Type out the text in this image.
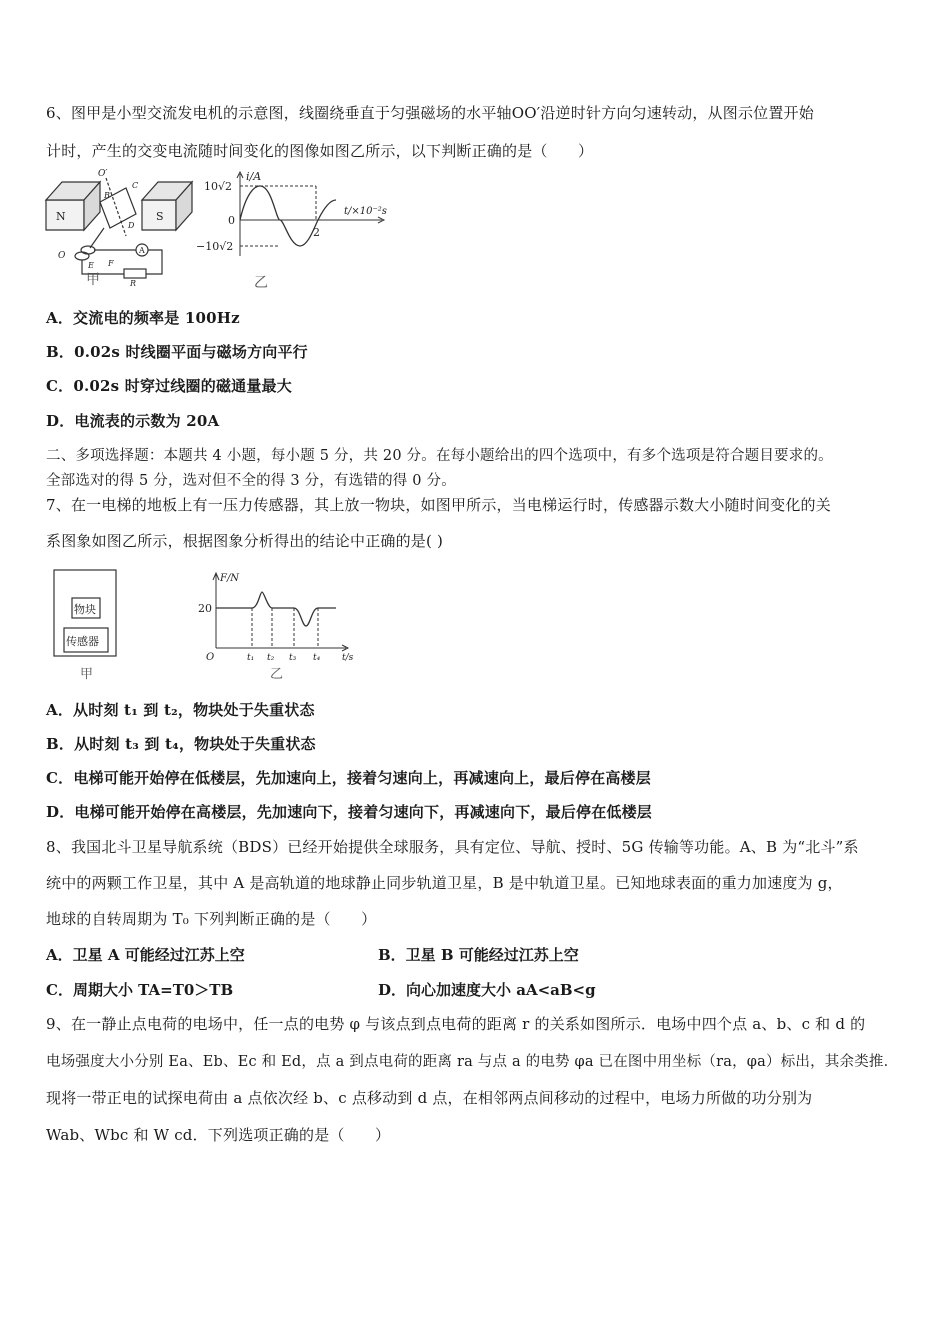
6、图甲是小型交流发电机的示意图，线圈绕垂直于匀强磁场的水平轴OO′沿逆时针方向匀速转动，从图示位置开始
计时，产生的交变电流随时间变化的图像如图乙所示，以下判断正确的是（　　）
N	S
O′
O
A
B
C
D
E F
R
甲
i/A
t/×10⁻²s
10√2
0
−10√2
2
乙
A．交流电的频率是 100Hz
B．0.02s 时线圈平面与磁场方向平行
C．0.02s 时穿过线圈的磁通量最大
D．电流表的示数为 20A
二、多项选择题：本题共 4 小题，每小题 5 分，共 20 分。在每小题给出的四个选项中，有多个选项是符合题目要求的。
全部选对的得 5 分，选对但不全的得 3 分，有选错的得 0 分。
7、在一电梯的地板上有一压力传感器，其上放一物块，如图甲所示，当电梯运行时，传感器示数大小随时间变化的关
系图象如图乙所示，根据图象分析得出的结论中正确的是( )
物块
传感器
甲
F/N
20
O	t₁ t₂ t₃ t₄ t/s
乙
A．从时刻 t₁ 到 t₂，物块处于失重状态
B．从时刻 t₃ 到 t₄，物块处于失重状态
C．电梯可能开始停在低楼层，先加速向上，接着匀速向上，再减速向上，最后停在高楼层
D．电梯可能开始停在高楼层，先加速向下，接着匀速向下，再减速向下，最后停在低楼层
8、我国北斗卫星导航系统（BDS）已经开始提供全球服务，具有定位、导航、授时、5G 传输等功能。A、B 为“北斗”系
统中的两颗工作卫星，其中 A 是高轨道的地球静止同步轨道卫星，B 是中轨道卫星。已知地球表面的重力加速度为 g，
地球的自转周期为 T₀ 下列判断正确的是（　　）
A．卫星 A 可能经过江苏上空	B．卫星 B 可能经过江苏上空
C．周期大小 TA=T0＞TB	D．向心加速度大小 aA<aB<g
9、在一静止点电荷的电场中，任一点的电势 φ 与该点到点电荷的距离 r 的关系如图所示．电场中四个点 a、b、c 和 d 的
电场强度大小分别 Ea、Eb、Ec 和 Ed，点 a 到点电荷的距离 ra 与点 a 的电势 φa 已在图中用坐标（ra，φa）标出，其余类推．
现将一带正电的试探电荷由 a 点依次经 b、c 点移动到 d 点，在相邻两点间移动的过程中，电场力所做的功分别为
Wab、Wbc 和 W cd．下列选项正确的是（　　）
